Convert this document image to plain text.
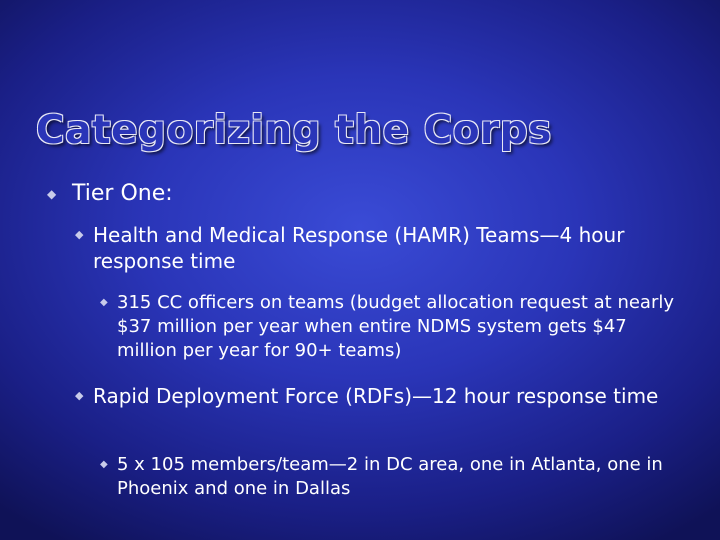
Categorizing the Corps
◆ Tier One:
◆ Health and Medical Response (HAMR) Teams—4 hour response time
◆ 315 CC officers on teams (budget allocation request at nearly $37 million per year when entire NDMS system gets $47 million per year for 90+ teams)
◆ Rapid Deployment Force (RDFs)—12 hour response time
◆ 5 x 105 members/team—2 in DC area, one in Atlanta, one in Phoenix and one in Dallas
